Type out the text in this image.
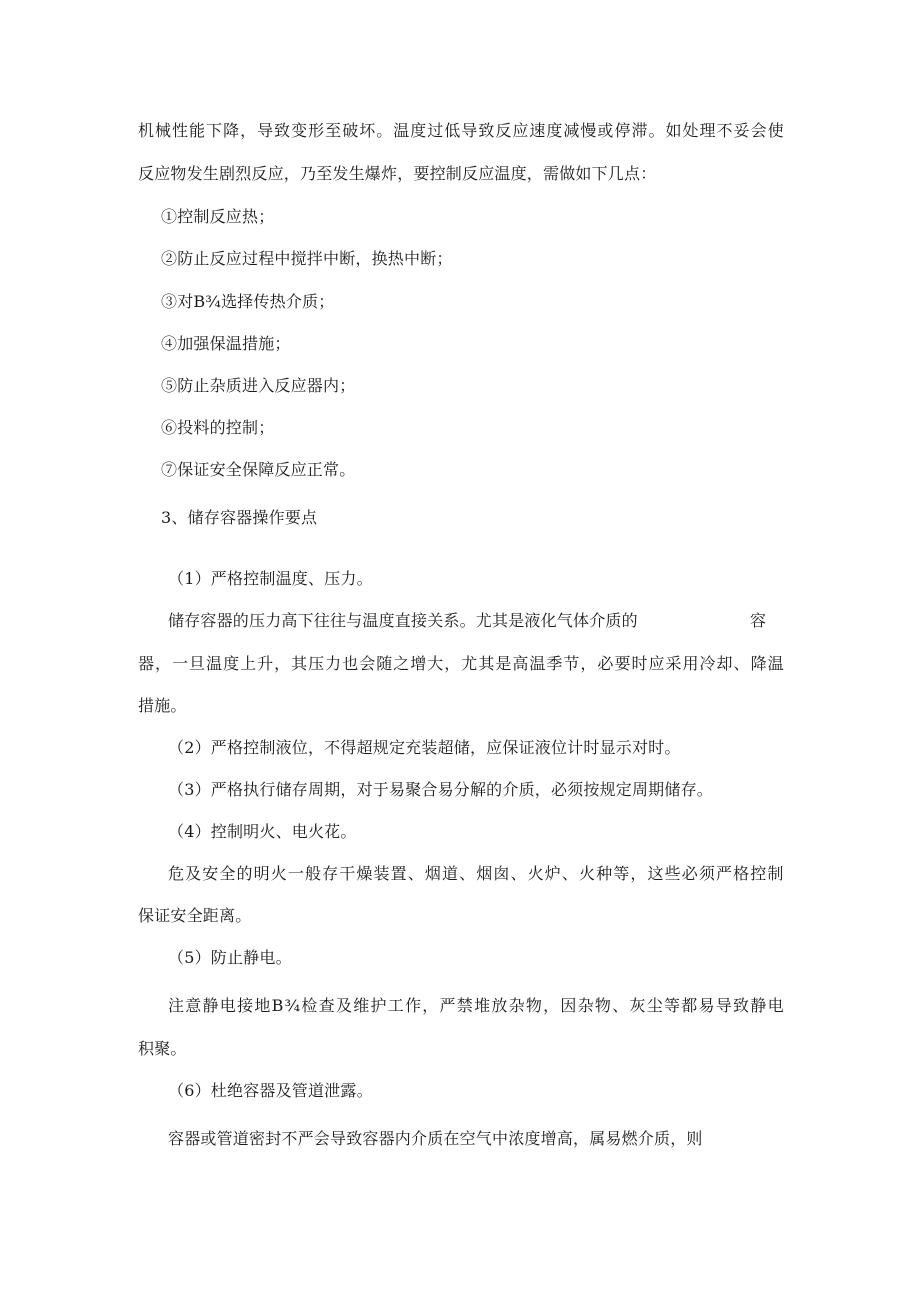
机 械 性 能 下 降 ， 导 致 变 形 至 破 坏 。 温 度 过 低 导 致 反 应 速 度 减 慢 或 停 滞 。 如 处 理 不 妥 会 使
反应物发生剧烈反应，乃至发生爆炸，要控制反应温度，需做如下几点：
①控制反应热；
②防止反应过程中搅拌中断，换热中断；
③对B¾选择传热介质；
④加强保温措施；
⑤防止杂质进入反应器内；
⑥投料的控制；
⑦保证安全保障反应正常。
3、储存容器操作要点
（1）严格控制温度、压力。
储存容器的压力高下往往与温度直接关系。尤其是液化气体介质的	容
器 ， 一 旦 温 度 上 升 ， 其 压 力 也 会 随 之 增 大 ， 尤 其 是 高 温 季 节 ， 必 要 时 应 采 用 冷 却 、 降 温
措施。
（2）严格控制液位，不得超规定充装超储，应保证液位计时显示对时。
（3）严格执行储存周期，对于易聚合易分解的介质，必须按规定周期储存。
（4）控制明火、电火花。
危 及 安 全 的 明 火 一 般 存 干 燥 装 置 、 烟 道 、 烟 囱 、 火 炉 、 火 种 等 ， 这 些 必 须 严 格 控 制
保证安全距离。
（5）防止静电。
注 意 静 电 接 地 B ¾ 检 查 及 维 护 工 作 ， 严 禁 堆 放 杂 物 ， 因 杂 物 、 灰 尘 等 都 易 导 致 静 电
积聚。
（6）杜绝容器及管道泄露。
容器或管道密封不严会导致容器内介质在空气中浓度增高，属易燃介质，则
